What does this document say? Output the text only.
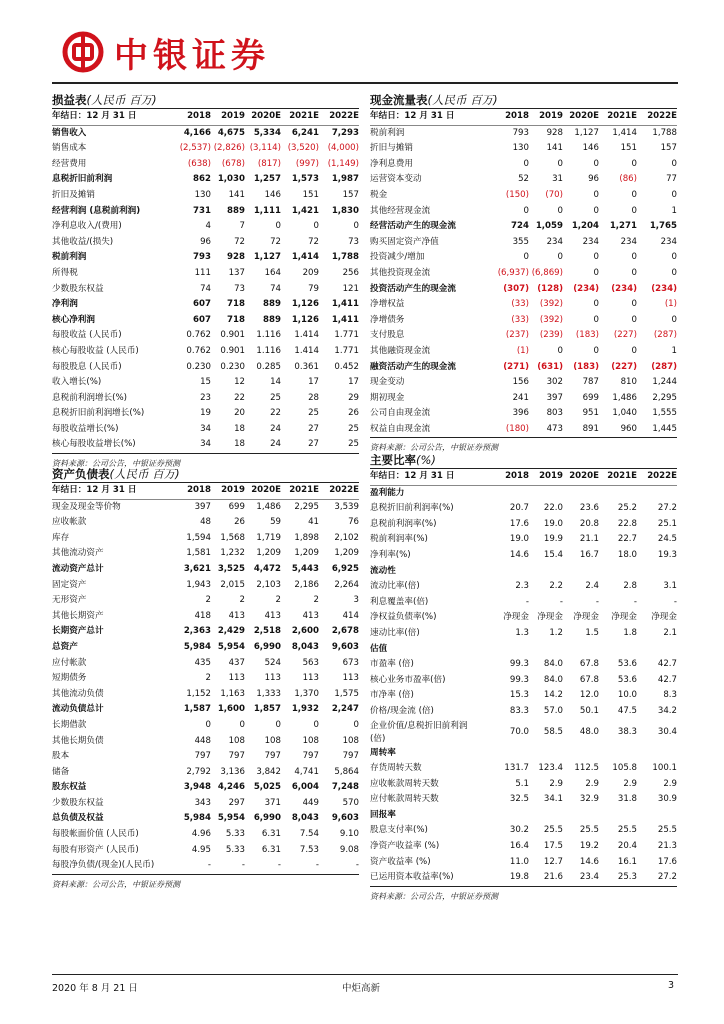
中银证券
损益表(人民币 百万)
年结日：12 月 31 日	2018	2019 2020E 2021E	2022E
销售收入	4,166 4,675	5,334	6,241	7,293
销售成本	(2,537) (2,826) (3,114) (3,520)	(4,000)
经营费用	(638)	(678)	(817)	(997)	(1,149)
息税折旧前利润	862 1,030	1,257	1,573	1,987
折旧及摊销	130	141	146	151	157
经营利润 (息税前利润)	731	889	1,111	1,421	1,830
净利息收入/(费用)	4	7	0	0	0
其他收益/(损失)	96	72	72	72	73
税前利润	793	928	1,127	1,414	1,788
所得税	111	137	164	209	256
少数股东权益	74	73	74	79	121
净利润	607	718	889	1,126	1,411
核心净利润	607	718	889	1,126	1,411
每股收益 (人民币)	0.762	0.901	1.116	1.414	1.771
核心每股收益 (人民币)	0.762	0.901	1.116	1.414	1.771
每股股息 (人民币)	0.230	0.230	0.285	0.361	0.452
收入增长(%)	15	12	14	17	17
息税前利润增长(%)	23	22	25	28	29
息税折旧前利润增长(%)	19	20	22	25	26
每股收益增长(%)	34	18	24	27	25
核心每股收益增长(%)	34	18	24	27	25
资料来源：公司公告，中银证券预测
资产负债表(人民币 百万)
年结日：12 月 31 日	2018	2019 2020E 2021E	2022E
现金及现金等价物	397	699	1,486	2,295	3,539
应收帐款	48	26	59	41	76
库存	1,594	1,568	1,719	1,898	2,102
其他流动资产	1,581	1,232	1,209	1,209	1,209
流动资产总计	3,621 3,525	4,472	5,443	6,925
固定资产	1,943	2,015	2,103	2,186	2,264
无形资产	2	2	2	2	3
其他长期资产	418	413	413	413	414
长期资产总计	2,363 2,429	2,518	2,600	2,678
总资产	5,984 5,954	6,990	8,043	9,603
应付帐款	435	437	524	563	673
短期债务	2	113	113	113	113
其他流动负债	1,152	1,163	1,333	1,370	1,575
流动负债总计	1,587 1,600	1,857	1,932	2,247
长期借款	0	0	0	0	0
其他长期负债	448	108	108	108	108
股本	797	797	797	797	797
储备	2,792	3,136	3,842	4,741	5,864
股东权益	3,948 4,246	5,025	6,004	7,248
少数股东权益	343	297	371	449	570
总负债及权益	5,984 5,954	6,990	8,043	9,603
每股帐面价值 (人民币)	4.96	5.33	6.31	7.54	9.10
每股有形资产 (人民币)	4.95	5.33	6.31	7.53	9.08
每股净负债/(现金)(人民币)	-	-	-	-	-
资料来源：公司公告，中银证券预测
现金流量表(人民币 百万)
年结日：12 月 31 日	2018	2019 2020E 2021E	2022E
税前利润	793	928	1,127	1,414	1,788
折旧与摊销	130	141	146	151	157
净利息费用	0	0	0	0	0
运营资本变动	52	31	96	(86)	77
税金	(150)	(70)	0	0	0
其他经营现金流	0	0	0	0	1
经营活动产生的现金流	724 1,059	1,204	1,271	1,765
购买固定资产净值	355	234	234	234	234
投资减少/增加	0	0	0	0	0
其他投资现金流	(6,937) (6,869)	0	0	0
投资活动产生的现金流	(307) (128)	(234)	(234)	(234)
净增权益	(33)	(392)	0	0	(1)
净增债务	(33)	(392)	0	0	0
支付股息	(237)	(239)	(183)	(227)	(287)
其他融资现金流	(1)	0	0	0	1
融资活动产生的现金流	(271) (631)	(183)	(227)	(287)
现金变动	156	302	787	810	1,244
期初现金	241	397	699	1,486	2,295
公司自由现金流	396	803	951	1,040	1,555
权益自由现金流	(180)	473	891	960	1,445
资料来源：公司公告，中银证券预测
主要比率(%)
年结日：12 月 31 日	2018	2019 2020E 2021E	2022E
盈利能力
息税折旧前利润率(%)	20.7	22.0	23.6	25.2	27.2
息税前利润率(%)	17.6	19.0	20.8	22.8	25.1
税前利润率(%)	19.0	19.9	21.1	22.7	24.5
净利率(%)	14.6	15.4	16.7	18.0	19.3
流动性
流动比率(倍)	2.3	2.2	2.4	2.8	3.1
利息覆盖率(倍)	-	-	-	-	-
净权益负债率(%)	净现金 净现金	净现金	净现金	净现金
速动比率(倍)	1.3	1.2	1.5	1.8	2.1
估值
市盈率 (倍)	99.3	84.0	67.8	53.6	42.7
核心业务市盈率(倍)	99.3	84.0	67.8	53.6	42.7
市净率 (倍)	15.3	14.2	12.0	10.0	8.3
价格/现金流 (倍)	83.3	57.0	50.1	47.5	34.2
企业价值/息税折旧前利润(倍)
70.0	58.5	48.0	38.3	30.4
周转率
存货周转天数	131.7	123.4	112.5	105.8	100.1
应收帐款周转天数	5.1	2.9	2.9	2.9	2.9
应付帐款周转天数	32.5	34.1	32.9	31.8	30.9
回报率
股息支付率(%)	30.2	25.5	25.5	25.5	25.5
净资产收益率 (%)	16.4	17.5	19.2	20.4	21.3
资产收益率 (%)	11.0	12.7	14.6	16.1	17.6
已运用资本收益率(%)	19.8	21.6	23.4	25.3	27.2
资料来源：公司公告，中银证券预测
2020 年 8 月 21 日	中炬高新	3
